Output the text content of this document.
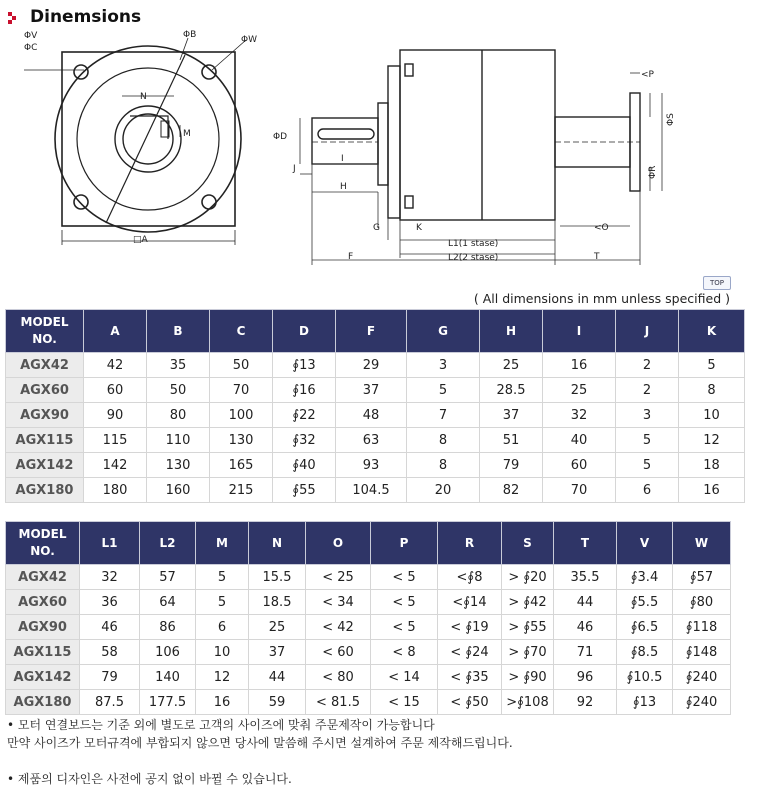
Dinemsions
ΦV
ΦC
ΦB	ΦW
N
M
□A
ΦD
J
I
H
G	K
F
L1(1 stase)
L2(2 stase)	T
<O
<P
ΦS
ΦR
TOP
( All dimensions in mm unless specified )
MODEL
NO.	A	B	C	D	F	G	H	I	J	K
AGX42	42	35	50	∮13	29	3	25	16	2	5
AGX60	60	50	70	∮16	37	5	28.5	25	2	8
AGX90	90	80	100	∮22	48	7	37	32	3	10
AGX115	115	110	130	∮32	63	8	51	40	5	12
AGX142	142	130	165	∮40	93	8	79	60	5	18
AGX180	180	160	215	∮55	104.5	20	82	70	6	16
MODEL
NO.	L1	L2	M	N	O	P	R	S	T	V	W
AGX42	32	57	5	15.5	< 25	< 5	<∮8	> ∮20	35.5	∮3.4	∮57
AGX60	36	64	5	18.5	< 34	< 5	<∮14	> ∮42	44	∮5.5	∮80
AGX90	46	86	6	25	< 42	< 5	< ∮19	> ∮55	46	∮6.5	∮118
AGX115	58	106	10	37	< 60	< 8	< ∮24	> ∮70	71	∮8.5	∮148
AGX142	79	140	12	44	< 80	< 14	< ∮35	> ∮90	96	∮10.5	∮240
AGX180	87.5	177.5	16	59	< 81.5	< 15	< ∮50	>∮108	92	∮13	∮240
• 모터 연결보드는 기준 외에 별도로 고객의 사이즈에 맞춰 주문제작이 가능합니다
만약 사이즈가 모터규격에 부합되지 않으면 당사에 말씀해 주시면 설계하여 주문 제작해드립니다.
• 제품의 디자인은 사전에 공지 없이 바뀔 수 있습니다.
